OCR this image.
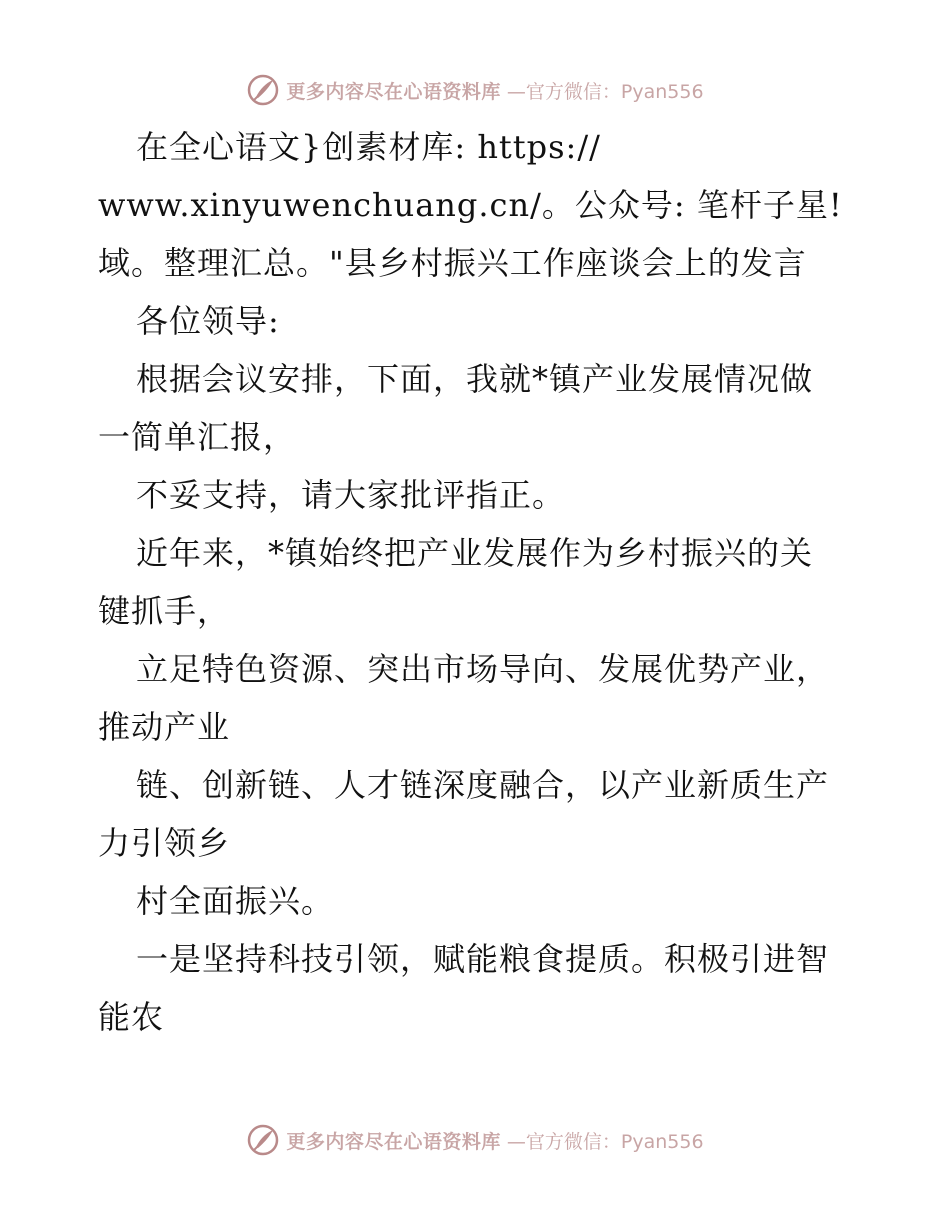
更多内容尽在心语资料库 —官方微信：Pyan556
在全心语文}创素材库: https://
www.xinyuwenchuang.cn/。公众号: 笔杆子星!
域。整理汇总。"县乡村振兴工作座谈会上的发言
各位领导:
根据会议安排，下面，我就*镇产业发展情况做
一简单汇报，
不妥支持，请大家批评指正。
近年来，*镇始终把产业发展作为乡村振兴的关
键抓手，
立足特色资源、突出市场导向、发展优势产业，
推动产业
链、创新链、人才链深度融合，以产业新质生产
力引领乡
村全面振兴。
一是坚持科技引领，赋能粮食提质。积极引进智
能农
更多内容尽在心语资料库 —官方微信：Pyan556
